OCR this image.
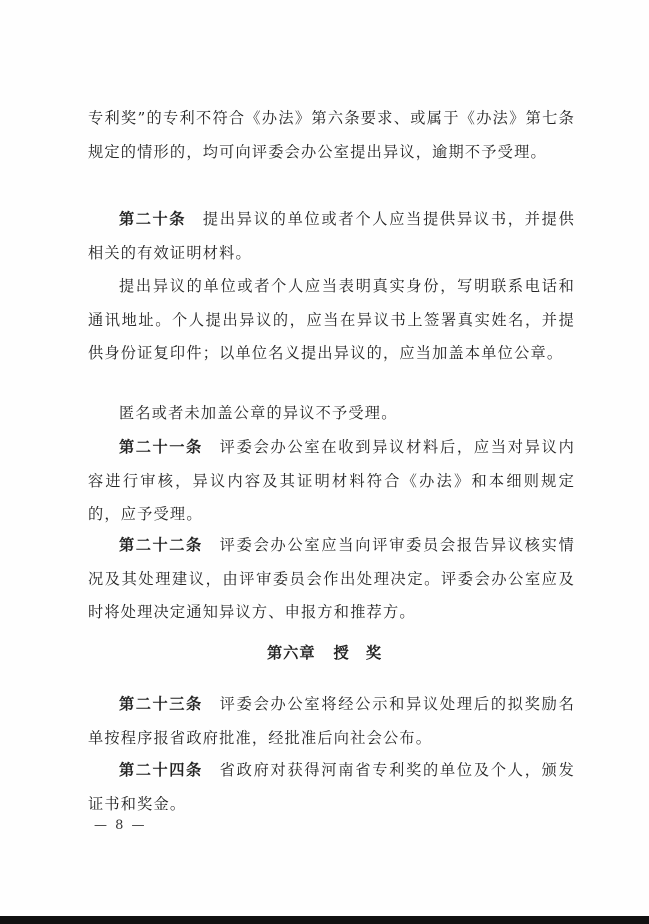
专利奖”的专利不符合《办法》第六条要求、或属于《办法》第七条规定的情形的，均可向评委会办公室提出异议，逾期不予受理。

第二十条　提出异议的单位或者个人应当提供异议书，并提供相关的有效证明材料。

提出异议的单位或者个人应当表明真实身份，写明联系电话和通讯地址。个人提出异议的，应当在异议书上签署真实姓名，并提供身份证复印件；以单位名义提出异议的，应当加盖本单位公章。

匿名或者未加盖公章的异议不予受理。

第二十一条　评委会办公室在收到异议材料后，应当对异议内容进行审核，异议内容及其证明材料符合《办法》和本细则规定的，应予受理。

第二十二条　评委会办公室应当向评审委员会报告异议核实情况及其处理建议，由评审委员会作出处理决定。评委会办公室应及时将处理决定通知异议方、申报方和推荐方。

第六章 授　奖

第二十三条　评委会办公室将经公示和异议处理后的拟奖励名单按程序报省政府批准，经批准后向社会公布。

第二十四条　省政府对获得河南省专利奖的单位及个人，颁发证书和奖金。

— 8 —
